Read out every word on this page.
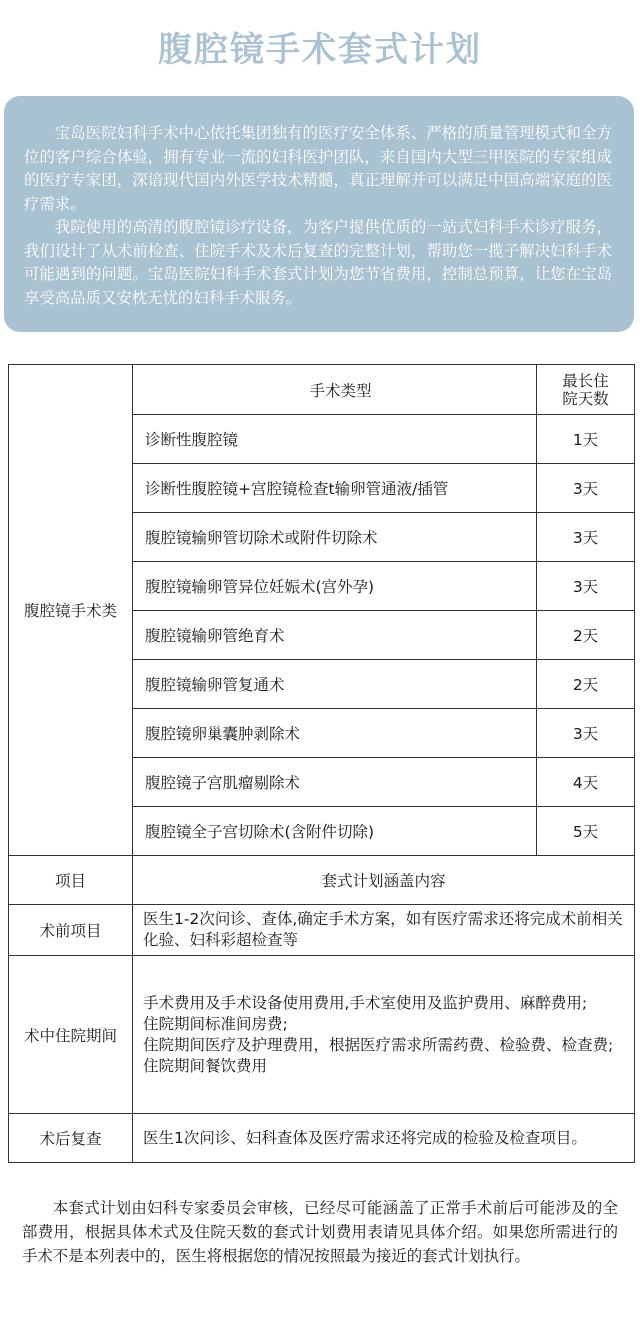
腹腔镜手术套式计划

宝岛医院妇科手术中心依托集团独有的医疗安全体系、严格的质量管理模式和全方位的客户综合体验，拥有专业一流的妇科医护团队，来自国内大型三甲医院的专家组成的医疗专家团，深谙现代国内外医学技术精髓，真正理解并可以满足中国高端家庭的医疗需求。

我院使用的高清的腹腔镜诊疗设备，为客户提供优质的一站式妇科手术诊疗服务，我们设计了从术前检查、住院手术及术后复查的完整计划，帮助您一揽子解决妇科手术可能遇到的问题。宝岛医院妇科手术套式计划为您节省费用，控制总预算，让您在宝岛享受高品质又安枕无忧的妇科手术服务。

腹腔镜手术类	手术类型	最长住
院天数

	诊断性腹腔镜	1天
	诊断性腹腔镜+宫腔镜检查t输卵管通液/插管	3天
	腹腔镜输卵管切除术或附件切除术	3天
	腹腔镜输卵管异位妊娠术(宫外孕)	3天
	腹腔镜输卵管绝育术	2天
	腹腔镜输卵管复通术	2天
	腹腔镜卵巢囊肿剥除术	3天
	腹腔镜子宫肌瘤剔除术	4天
	腹腔镜全子宫切除术(含附件切除)	5天
项目	套式计划涵盖内容	
术前项目	医生1-2次问诊、查体,确定手术方案，如有医疗需求还将完成术前相关化验、妇科彩超检查等	
术中住院期间	手术费用及手术设备使用费用,手术室使用及监护费用、麻醉费用;
住院期间标准间房费;
住院期间医疗及护理费用，根据医疗需求所需药费、检验费、检查费;
住院期间餐饮费用	

术后复查	医生1次问诊、妇科查体及医疗需求还将完成的检验及检查项目。	

本套式计划由妇科专家委员会审核，已经尽可能涵盖了正常手术前后可能涉及的全部费用，根据具体术式及住院天数的套式计划费用表请见具体介绍。如果您所需进行的手术不是本列表中的，医生将根据您的情况按照最为接近的套式计划执行。
